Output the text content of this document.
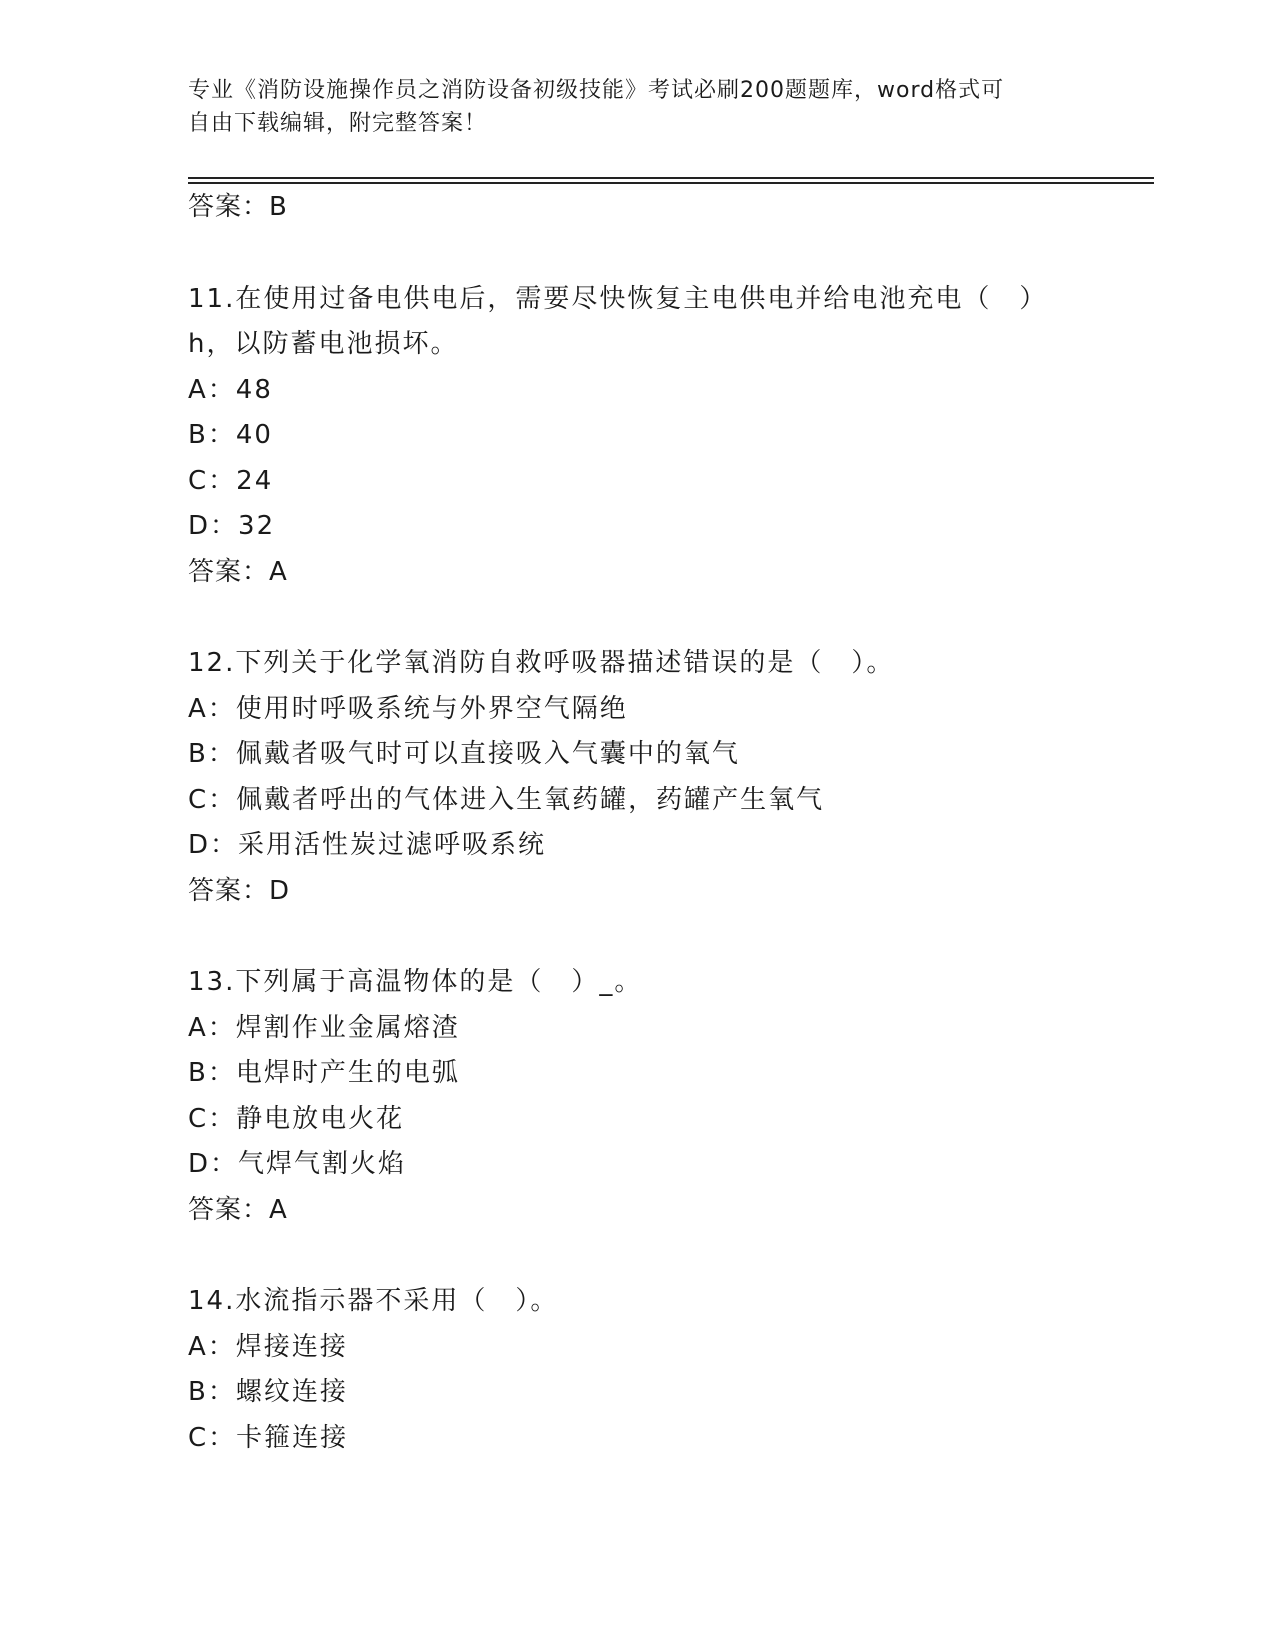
专业《消防设施操作员之消防设备初级技能》考试必刷200题题库，word格式可
自由下载编辑，附完整答案！
答案：B
11.在使用过备电供电后，需要尽快恢复主电供电并给电池充电（　）
h，以防蓄电池损坏。
A：48
B：40
C：24
D：32
答案：A
12.下列关于化学氧消防自救呼吸器描述错误的是（　）。
A：使用时呼吸系统与外界空气隔绝
B：佩戴者吸气时可以直接吸入气囊中的氧气
C：佩戴者呼出的气体进入生氧药罐，药罐产生氧气
D：采用活性炭过滤呼吸系统
答案：D
13.下列属于高温物体的是（　）_。
A：焊割作业金属熔渣
B：电焊时产生的电弧
C：静电放电火花
D：气焊气割火焰
答案：A
14.水流指示器不采用（　）。
A：焊接连接
B：螺纹连接
C：卡箍连接
